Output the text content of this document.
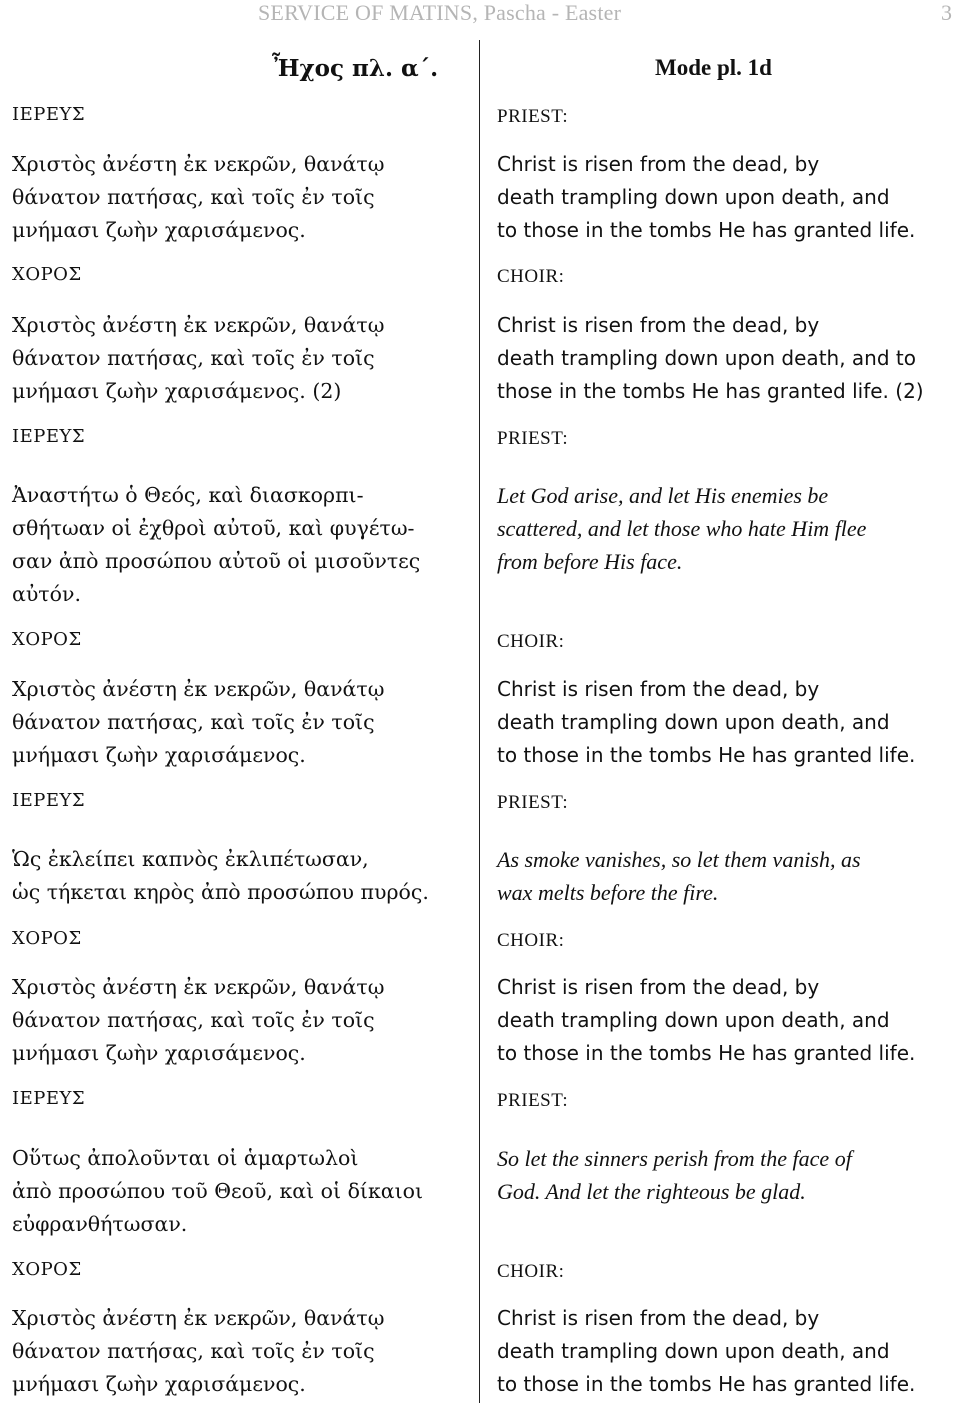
SERVICE OF MATINS, Pascha - Easter	3
Ἦχος πλ. α΄.	Mode pl. 1d
ΙΕΡΕΥΣ
Χριστὸς ἀνέστη ἐκ νεκρῶν, θανάτῳ
θάνατον πατήσας, καὶ τοῖς ἐν τοῖς
μνήμασι ζωὴν χαρισάμενος.
ΧΟΡΟΣ
Χριστὸς ἀνέστη ἐκ νεκρῶν, θανάτῳ
θάνατον πατήσας, καὶ τοῖς ἐν τοῖς
μνήμασι ζωὴν χαρισάμενος. (2)
ΙΕΡΕΥΣ
Ἀναστήτω ὁ Θεός, καὶ διασκορπι-
σθήτωαν οἱ ἐχθροὶ αὐτοῦ, καὶ φυγέτω-
σαν ἀπὸ προσώπου αὐτοῦ οἱ μισοῦντες
αὐτόν.
ΧΟΡΟΣ
Χριστὸς ἀνέστη ἐκ νεκρῶν, θανάτῳ
θάνατον πατήσας, καὶ τοῖς ἐν τοῖς
μνήμασι ζωὴν χαρισάμενος.
ΙΕΡΕΥΣ
Ὡς ἐκλείπει καπνὸς ἐκλιπέτωσαν,
ὡς τήκεται κηρὸς ἀπὸ προσώπου πυρός.
ΧΟΡΟΣ
Χριστὸς ἀνέστη ἐκ νεκρῶν, θανάτῳ
θάνατον πατήσας, καὶ τοῖς ἐν τοῖς
μνήμασι ζωὴν χαρισάμενος.
ΙΕΡΕΥΣ
Οὕτως ἀπολοῦνται οἱ ἁμαρτωλοὶ
ἀπὸ προσώπου τοῦ Θεοῦ, καὶ οἱ δίκαιοι
εὐφρανθήτωσαν.
ΧΟΡΟΣ
Χριστὸς ἀνέστη ἐκ νεκρῶν, θανάτῳ
θάνατον πατήσας, καὶ τοῖς ἐν τοῖς
μνήμασι ζωὴν χαρισάμενος.
PRIEST:
Christ is risen from the dead, by
death trampling down upon death, and
to those in the tombs He has granted life.
CHOIR:
Christ is risen from the dead, by
death trampling down upon death, and to
those in the tombs He has granted life. (2)
PRIEST:
Let God arise, and let His enemies be
scattered, and let those who hate Him flee
from before His face.
CHOIR:
Christ is risen from the dead, by
death trampling down upon death, and
to those in the tombs He has granted life.
PRIEST:
As smoke vanishes, so let them vanish, as
wax melts before the fire.
CHOIR:
Christ is risen from the dead, by
death trampling down upon death, and
to those in the tombs He has granted life.
PRIEST:
So let the sinners perish from the face of
God. And let the righteous be glad.
CHOIR:
Christ is risen from the dead, by
death trampling down upon death, and
to those in the tombs He has granted life.
